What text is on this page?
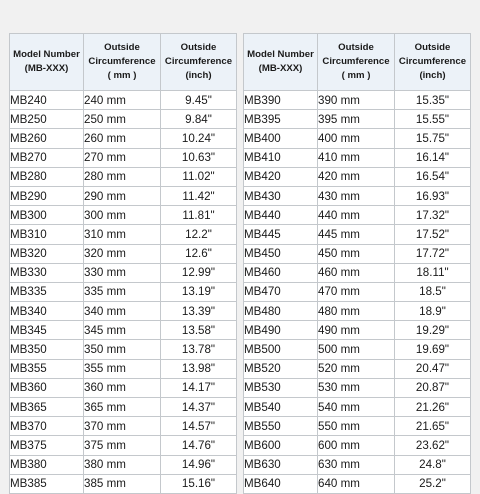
Model Number
(MB-XXX)	Outside
Circumference
( mm )	Outside
Circumference
(inch)

MB240	240 mm	9.45"
MB250	250 mm	9.84"
MB260	260 mm	10.24"
MB270	270 mm	10.63"
MB280	280 mm	11.02"
MB290	290 mm	11.42"
MB300	300 mm	11.81"
MB310	310 mm	12.2"
MB320	320 mm	12.6"
MB330	330 mm	12.99"
MB335	335 mm	13.19"
MB340	340 mm	13.39"
MB345	345 mm	13.58"
MB350	350 mm	13.78"
MB355	355 mm	13.98"
MB360	360 mm	14.17"
MB365	365 mm	14.37"
MB370	370 mm	14.57"
MB375	375 mm	14.76"
MB380	380 mm	14.96"
MB385	385 mm	15.16"
Model Number
(MB-XXX)	Outside
Circumference
( mm )	Outside
Circumference
(inch)

MB390	390 mm	15.35"
MB395	395 mm	15.55"
MB400	400 mm	15.75"
MB410	410 mm	16.14"
MB420	420 mm	16.54"
MB430	430 mm	16.93"
MB440	440 mm	17.32"
MB445	445 mm	17.52"
MB450	450 mm	17.72"
MB460	460 mm	18.11"
MB470	470 mm	18.5"
MB480	480 mm	18.9"
MB490	490 mm	19.29"
MB500	500 mm	19.69"
MB520	520 mm	20.47"
MB530	530 mm	20.87"
MB540	540 mm	21.26"
MB550	550 mm	21.65"
MB600	600 mm	23.62"
MB630	630 mm	24.8"
MB640	640 mm	25.2"
